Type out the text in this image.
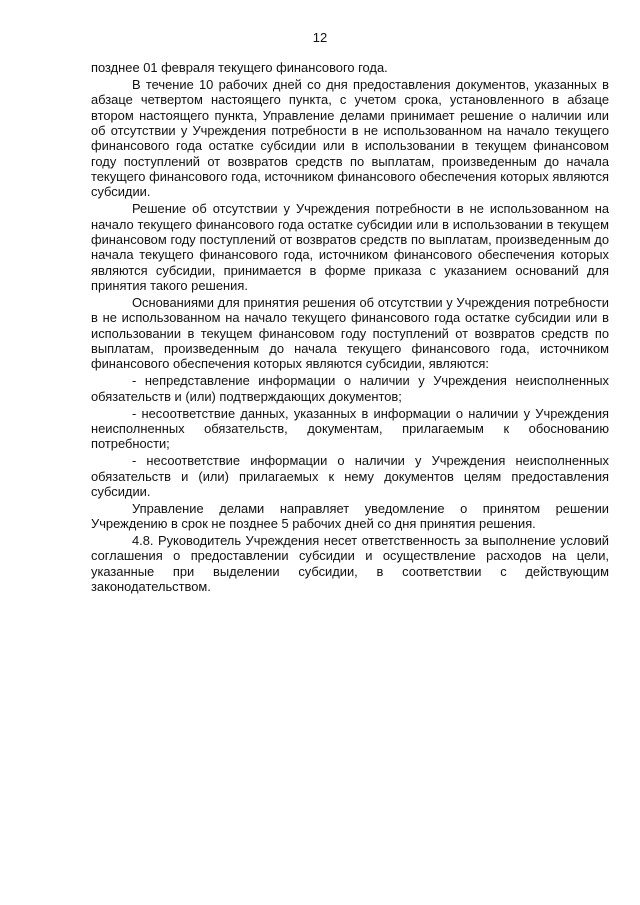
12

позднее 01 февраля текущего финансового года.

В течение 10 рабочих дней со дня предоставления документов, указанных в абзаце четвертом настоящего пункта, с учетом срока, установленного в абзаце втором настоящего пункта, Управление делами принимает решение о наличии или об отсутствии у Учреждения потребности в не использованном на начало текущего финансового года остатке субсидии или в использовании в текущем финансовом году поступлений от возвратов средств по выплатам, произведенным до начала текущего финансового года, источником финансового обеспечения которых являются субсидии.

Решение об отсутствии у Учреждения потребности в не использованном на начало текущего финансового года остатке субсидии или в использовании в текущем финансовом году поступлений от возвратов средств по выплатам, произведенным до начала текущего финансового года, источником финансового обеспечения которых являются субсидии, принимается в форме приказа с указанием оснований для принятия такого решения.

Основаниями для принятия решения об отсутствии у Учреждения потребности в не использованном на начало текущего финансового года остатке субсидии или в использовании в текущем финансовом году поступлений от возвратов средств по выплатам, произведенным до начала текущего финансового года, источником финансового обеспечения которых являются субсидии, являются:

- непредставление информации о наличии у Учреждения неисполненных обязательств и (или) подтверждающих документов;

- несоответствие данных, указанных в информации о наличии у Учреждения неисполненных обязательств, документам, прилагаемым к обоснованию потребности;

- несоответствие информации о наличии у Учреждения неисполненных обязательств и (или) прилагаемых к нему документов целям предоставления субсидии.

Управление делами направляет уведомление о принятом решении Учреждению в срок не позднее 5 рабочих дней со дня принятия решения.

4.8. Руководитель Учреждения несет ответственность за выполнение условий соглашения о предоставлении субсидии и осуществление расходов на цели, указанные при выделении субсидии, в соответствии с действующим законодательством.
